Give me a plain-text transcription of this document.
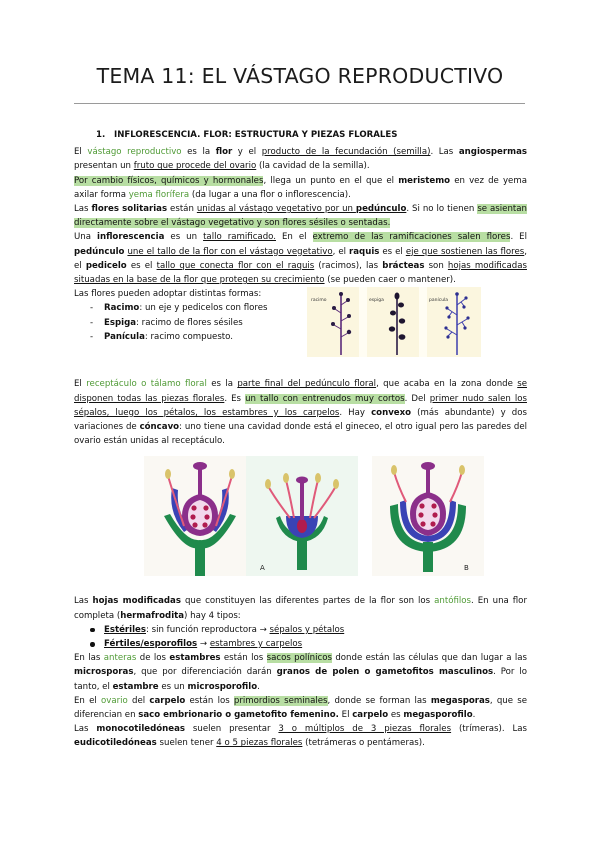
TEMA 11: EL VÁSTAGO REPRODUCTIVO

1. INFLORESCENCIA. FLOR: ESTRUCTURA Y PIEZAS FLORALES

El vástago reproductivo es la flor y el producto de la fecundación (semilla). Las angiospermas presentan un fruto que procede del ovario (la cavidad de la semilla).
Por cambio físicos, químicos y hormonales, llega un punto en el que el meristemo en vez de yema axilar forma yema florífera (da lugar a una flor o inflorescencia).
Las flores solitarias están unidas al vástago vegetativo por un pedúnculo. Si no lo tienen se asientan directamente sobre el vástago vegetativo y son flores sésiles o sentadas.
Una inflorescencia es un tallo ramificado. En el extremo de las ramificaciones salen flores. El pedúnculo une el tallo de la flor con el vástago vegetativo, el raquis es el eje que sostienen las flores, el pedicelo es el tallo que conecta flor con el raquis (racimos), las brácteas son hojas modificadas situadas en la base de la flor que protegen su crecimiento (se pueden caer o mantener).
Las flores pueden adoptar distintas formas:

- Racimo: un eje y pedicelos con flores
- Espiga: racimo de flores sésiles
- Panícula: racimo compuesto.
racimo	espiga	panícula

El receptáculo o tálamo floral es la parte final del pedúnculo floral, que acaba en la zona donde se disponen todas las piezas florales. Es un tallo con entrenudos muy cortos. Del primer nudo salen los sépalos, luego los pétalos, los estambres y los carpelos. Hay convexo (más abundante) y dos variaciones de cóncavo: uno tiene una cavidad donde está el gineceo, el otro igual pero las paredes del ovario están unidas al receptáculo.

A	B

Las hojas modificadas que constituyen las diferentes partes de la flor son los antófilos. En una flor completa (hermafrodita) hay 4 tipos:

Estériles: sin función reproductora → sépalos y pétalos
Fértiles/esporofilos → estambres y carpelos

En las anteras de los estambres están los sacos polínicos donde están las células que dan lugar a las microsporas, que por diferenciación darán granos de polen o gametofitos masculinos. Por lo tanto, el estambre es un microsporofilo.
En el ovario del carpelo están los primordios seminales, donde se forman las megasporas, que se diferencian en saco embrionario o gametofito femenino. El carpelo es megasporofilo.
Las monocotiledóneas suelen presentar 3 o múltiplos de 3 piezas florales (trímeras). Las eudicotiledóneas suelen tener 4 o 5 piezas florales (tetrámeras o pentámeras).
